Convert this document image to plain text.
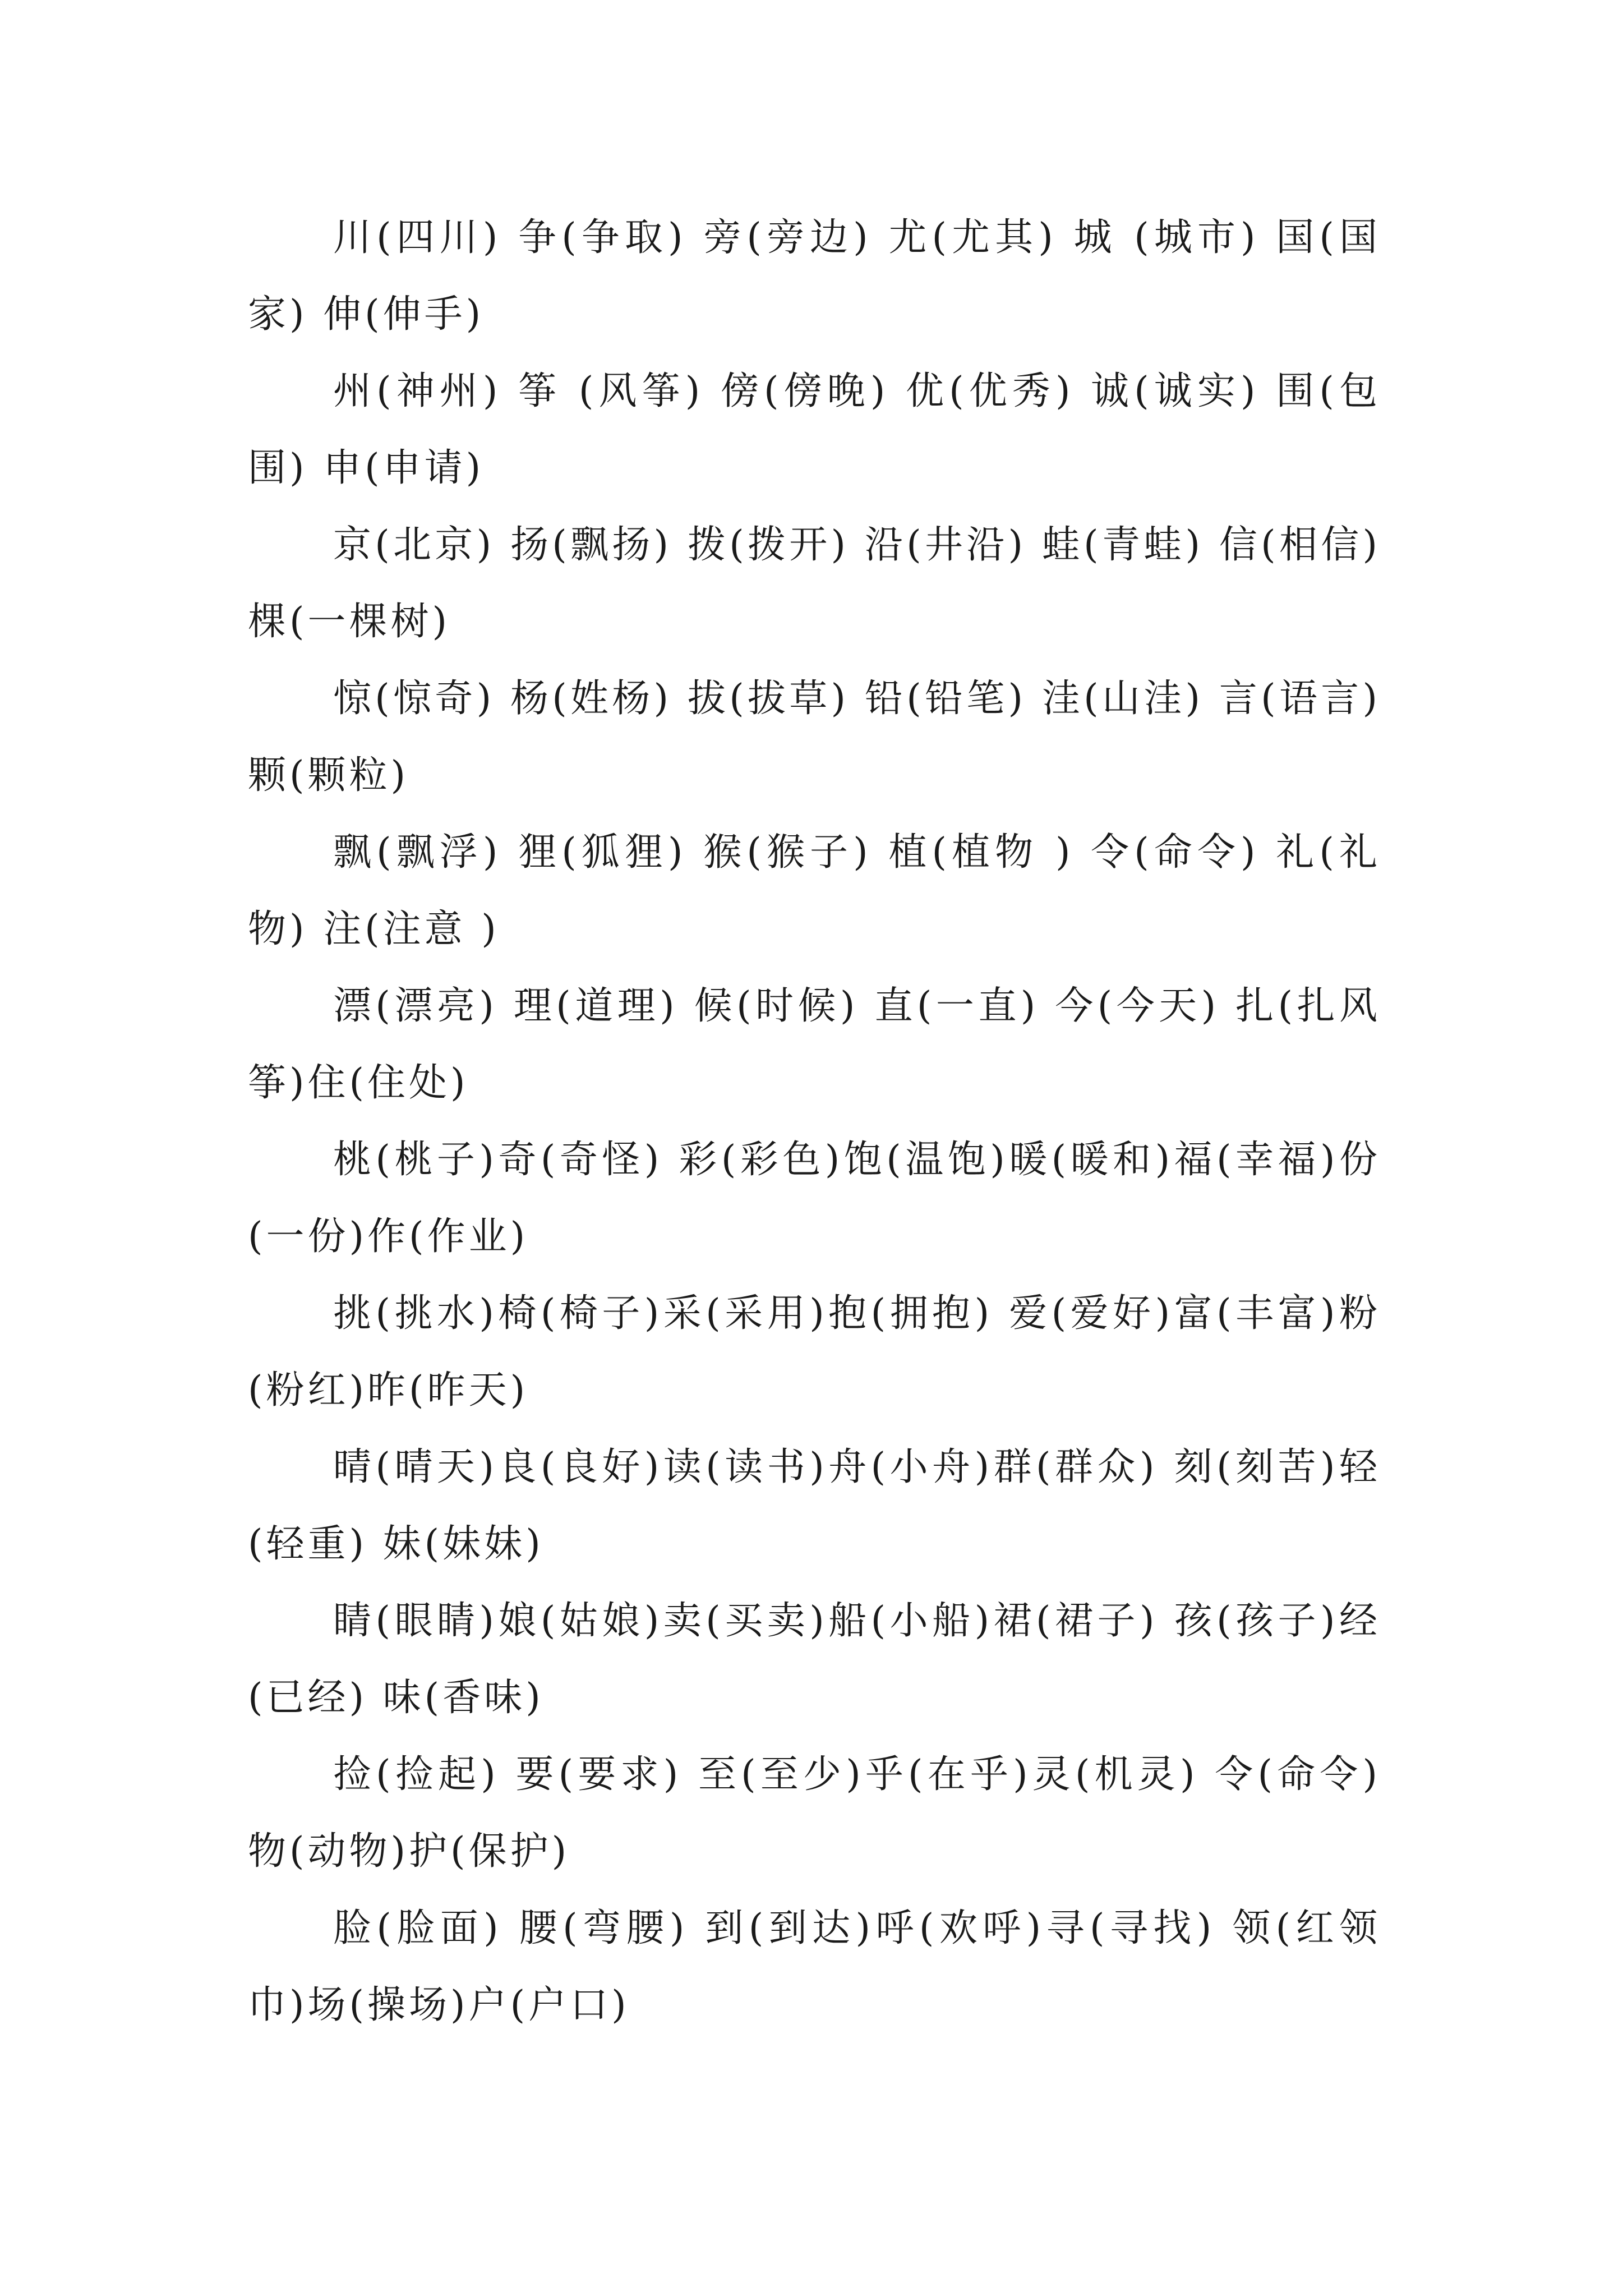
川(四川) 争(争取) 旁(旁边) 尤(尤其) 城 (城市) 国(国家) 伸(伸手)

州(神州) 筝 (风筝) 傍(傍晚) 优(优秀) 诚(诚实) 围(包围) 申(申请)

京(北京) 扬(飘扬) 拨(拨开) 沿(井沿) 蛙(青蛙) 信(相信) 棵(一棵树)

惊(惊奇) 杨(姓杨) 拔(拔草) 铅(铅笔) 洼(山洼) 言(语言) 颗(颗粒)

飘(飘浮) 狸(狐狸) 猴(猴子) 植(植物 ) 令(命令) 礼(礼物) 注(注意 )

漂(漂亮) 理(道理) 候(时候) 直(一直) 今(今天) 扎(扎风筝)住(住处)

桃(桃子)奇(奇怪) 彩(彩色)饱(温饱)暖(暖和)福(幸福)份(一份)作(作业)

挑(挑水)椅(椅子)采(采用)抱(拥抱) 爱(爱好)富(丰富)粉(粉红)昨(昨天)

晴(晴天)良(良好)读(读书)舟(小舟)群(群众) 刻(刻苦)轻(轻重) 妹(妹妹)

睛(眼睛)娘(姑娘)卖(买卖)船(小船)裙(裙子) 孩(孩子)经(已经) 味(香味)

捡(捡起) 要(要求) 至(至少)乎(在乎)灵(机灵) 令(命令) 物(动物)护(保护)

脸(脸面) 腰(弯腰) 到(到达)呼(欢呼)寻(寻找) 领(红领巾)场(操场)户(户口)
